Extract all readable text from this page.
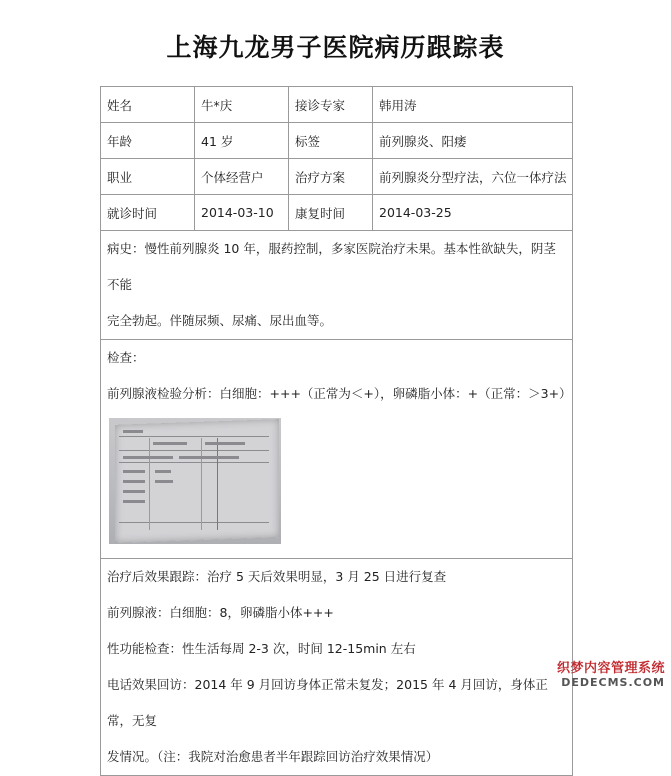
上海九龙男子医院病历跟踪表
姓名	牛*庆	接诊专家	韩用涛
年龄	41 岁	标签	前列腺炎、阳痿
职业	个体经营户	治疗方案	前列腺炎分型疗法，六位一体疗法
就诊时间	2014-03-10	康复时间	2014-03-25

病史：慢性前列腺炎 10 年，服药控制，多家医院治疗未果。基本性欲缺失，阴茎不能
完全勃起。伴随尿频、尿痛、尿出血等。			

检查：
前列腺液检验分析：白细胞：+++（正常为＜+），卵磷脂小体：+（正常：＞3+）			

治疗后效果跟踪：治疗 5 天后效果明显，3 月 25 日进行复查
前列腺液：白细胞：8，卵磷脂小体+++
性功能检查：性生活每周 2-3 次，时间 12-15min 左右
电话效果回访：2014 年 9 月回访身体正常未复发；2015 年 4 月回访，身体正常，无复
发情况。（注：我院对治愈患者半年跟踪回访治疗效果情况）			
织梦内容管理系统
DEDECMS.COM
